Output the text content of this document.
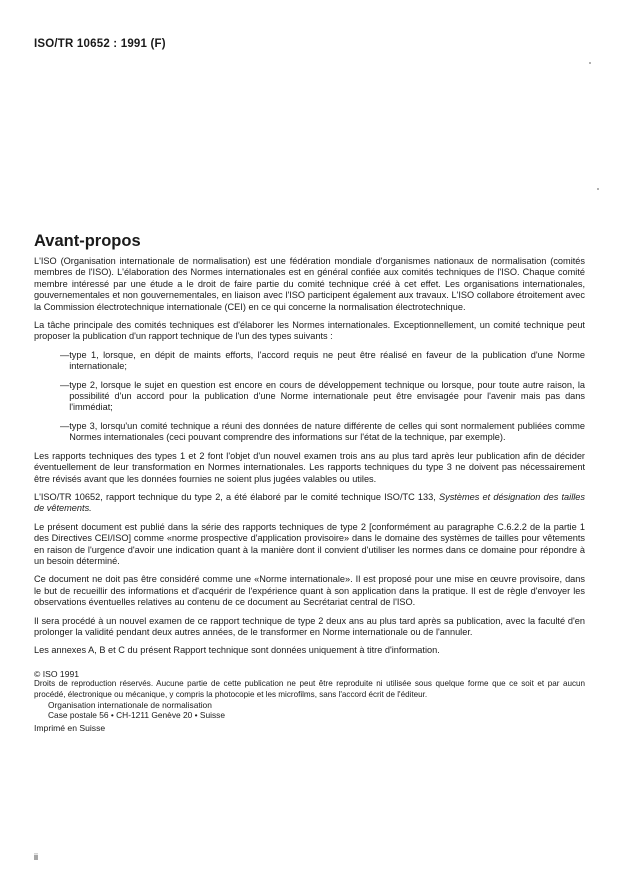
ISO/TR 10652 : 1991 (F)
Avant-propos

L'ISO (Organisation internationale de normalisation) est une fédération mondiale d'organismes nationaux de normalisation (comités membres de l'ISO). L'élaboration des Normes internationales est en général confiée aux comités techniques de l'ISO. Chaque comité membre intéressé par une étude a le droit de faire partie du comité technique créé à cet effet. Les organisations internationales, gouvernementales et non gouvernementales, en liaison avec l'ISO participent également aux travaux. L'ISO collabore étroitement avec la Commission électrotechnique internationale (CEI) en ce qui concerne la normalisation électrotechnique.

La tâche principale des comités techniques est d'élaborer les Normes internationales. Exceptionnellement, un comité technique peut proposer la publication d'un rapport technique de l'un des types suivants :

— type 1, lorsque, en dépit de maints efforts, l'accord requis ne peut être réalisé en faveur de la publication d'une Norme internationale;
— type 2, lorsque le sujet en question est encore en cours de développement technique ou lorsque, pour toute autre raison, la possibilité d'un accord pour la publication d'une Norme internationale peut être envisagée pour l'avenir mais pas dans l'immédiat;
— type 3, lorsqu'un comité technique a réuni des données de nature différente de celles qui sont normalement publiées comme Normes internationales (ceci pouvant comprendre des informations sur l'état de la technique, par exemple).

Les rapports techniques des types 1 et 2 font l'objet d'un nouvel examen trois ans au plus tard après leur publication afin de décider éventuellement de leur transformation en Normes internationales. Les rapports techniques du type 3 ne doivent pas nécessairement être révisés avant que les données fournies ne soient plus jugées valables ou utiles.

L'ISO/TR 10652, rapport technique du type 2, a été élaboré par le comité technique ISO/TC 133, Systèmes et désignation des tailles de vêtements.

Le présent document est publié dans la série des rapports techniques de type 2 [conformément au paragraphe C.6.2.2 de la partie 1 des Directives CEI/ISO] comme «norme prospective d'application provisoire» dans le domaine des systèmes de tailles pour vêtements en raison de l'urgence d'avoir une indication quant à la manière dont il convient d'utiliser les normes dans ce domaine pour répondre à un besoin déterminé.

Ce document ne doit pas être considéré comme une «Norme internationale». Il est proposé pour une mise en œuvre provisoire, dans le but de recueillir des informations et d'acquérir de l'expérience quant à son application dans la pratique. Il est de règle d'envoyer les observations éventuelles relatives au contenu de ce document au Secrétariat central de l'ISO.

Il sera procédé à un nouvel examen de ce rapport technique de type 2 deux ans au plus tard après sa publication, avec la faculté d'en prolonger la validité pendant deux autres années, de le transformer en Norme internationale ou de l'annuler.

Les annexes A, B et C du présent Rapport technique sont données uniquement à titre d'information.

© ISO 1991
Droits de reproduction réservés. Aucune partie de cette publication ne peut être reproduite ni utilisée sous quelque forme que ce soit et par aucun procédé, électronique ou mécanique, y compris la photocopie et les microfilms, sans l'accord écrit de l'éditeur.
Organisation internationale de normalisation
Case postale 56 • CH-1211 Genève 20 • Suisse
Imprimé en Suisse
ii
